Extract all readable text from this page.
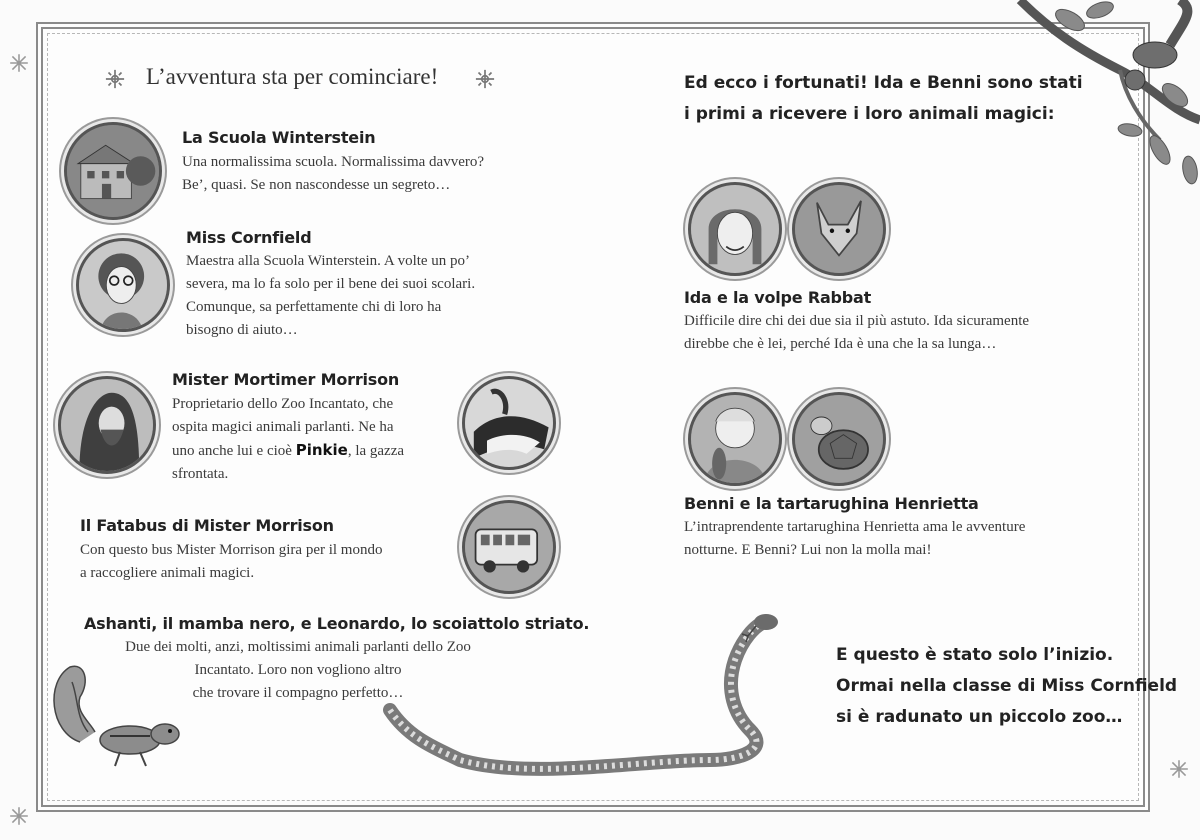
L’avventura sta per cominciare!
La Scuola Winterstein
Una normalissima scuola. Normalissima davvero?
Be’, quasi. Se non nascondesse un segreto…
Miss Cornfield
Maestra alla Scuola Winterstein. A volte un po’
severa, ma lo fa solo per il bene dei suoi scolari.
Comunque, sa perfettamente chi di loro ha
bisogno di aiuto…
Mister Mortimer Morrison
Proprietario dello Zoo Incantato, che
ospita magici animali parlanti. Ne ha
uno anche lui e cioè Pinkie, la gazza
sfrontata.
Il Fatabus di Mister Morrison
Con questo bus Mister Morrison gira per il mondo
a raccogliere animali magici.
Ashanti, il mamba nero, e Leonardo, lo scoiattolo striato.
Due dei molti, anzi, moltissimi animali parlanti dello Zoo
Incantato. Loro non vogliono altro
che trovare il compagno perfetto…
Ed ecco i fortunati! Ida e Benni sono stati
i primi a ricevere i loro animali magici:
Ida e la volpe Rabbat
Difficile dire chi dei due sia il più astuto. Ida sicuramente
direbbe che è lei, perché Ida è una che la sa lunga…
Benni e la tartarughina Henrietta
L’intraprendente tartarughina Henrietta ama le avventure
notturne. E Benni? Lui non la molla mai!
E questo è stato solo l’inizio.
Ormai nella classe di Miss Cornfield
si è radunato un piccolo zoo…
